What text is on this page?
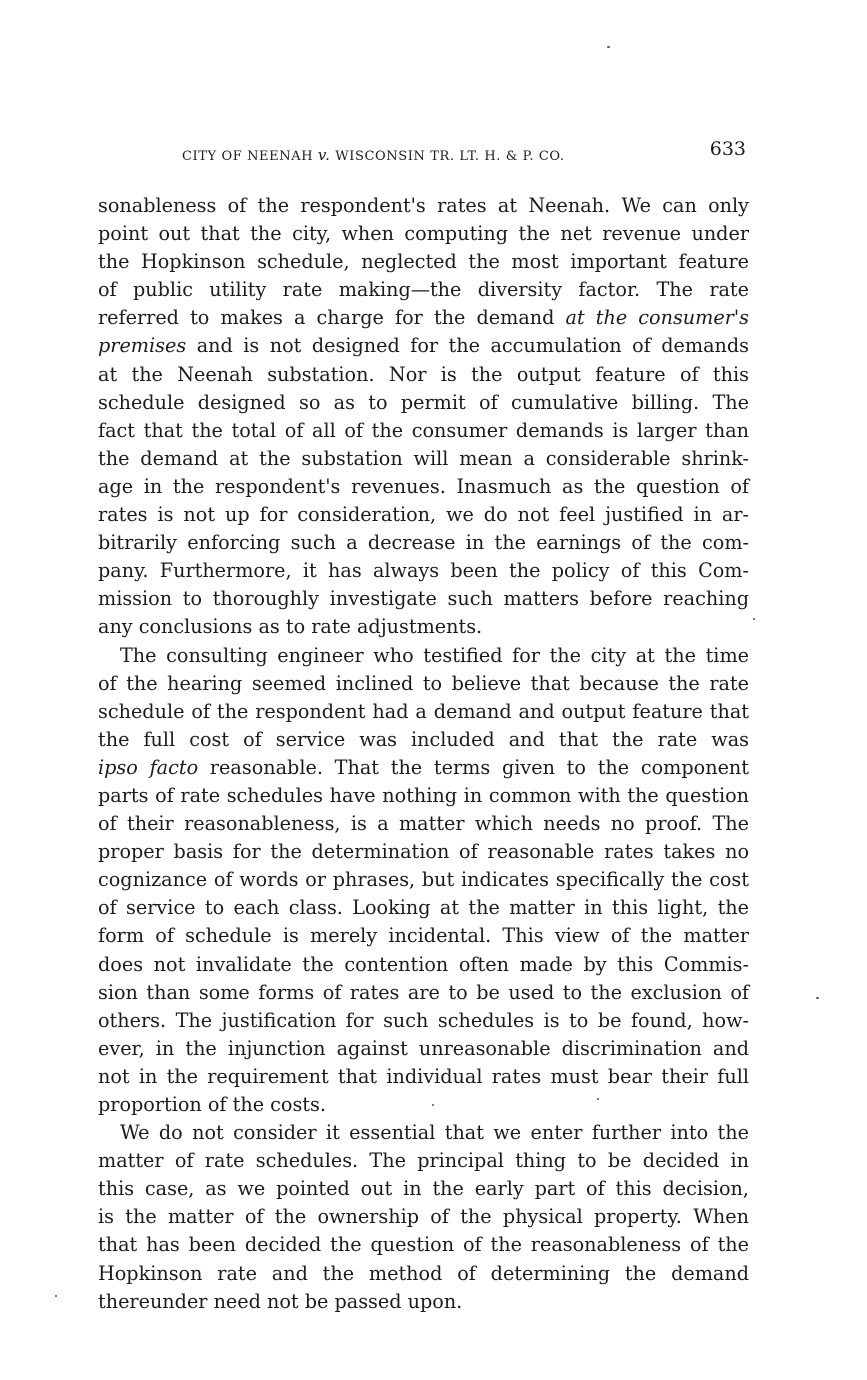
CITY OF NEENAH v. WISCONSIN TR. LT. H. & P. CO.	633
sonableness of the respondent's rates at Neenah. We can only
point out that the city, when computing the net revenue under
the Hopkinson schedule, neglected the most important feature
of public utility rate making—the diversity factor. The rate
referred to makes a charge for the demand at the consumer's
premises and is not designed for the accumulation of demands
at the Neenah substation. Nor is the output feature of this
schedule designed so as to permit of cumulative billing. The
fact that the total of all of the consumer demands is larger than
the demand at the substation will mean a considerable shrink-
age in the respondent's revenues. Inasmuch as the question of
rates is not up for consideration, we do not feel justified in ar-
bitrarily enforcing such a decrease in the earnings of the com-
pany. Furthermore, it has always been the policy of this Com-
mission to thoroughly investigate such matters before reaching
any conclusions as to rate adjustments.
The consulting engineer who testified for the city at the time
of the hearing seemed inclined to believe that because the rate
schedule of the respondent had a demand and output feature that
the full cost of service was included and that the rate was
ipso facto reasonable. That the terms given to the component
parts of rate schedules have nothing in common with the question
of their reasonableness, is a matter which needs no proof. The
proper basis for the determination of reasonable rates takes no
cognizance of words or phrases, but indicates specifically the cost
of service to each class. Looking at the matter in this light, the
form of schedule is merely incidental. This view of the matter
does not invalidate the contention often made by this Commis-
sion than some forms of rates are to be used to the exclusion of
others. The justification for such schedules is to be found, how-
ever, in the injunction against unreasonable discrimination and
not in the requirement that individual rates must bear their full
proportion of the costs.
We do not consider it essential that we enter further into the
matter of rate schedules. The principal thing to be decided in
this case, as we pointed out in the early part of this decision,
is the matter of the ownership of the physical property. When
that has been decided the question of the reasonableness of the
Hopkinson rate and the method of determining the demand
thereunder need not be passed upon.
